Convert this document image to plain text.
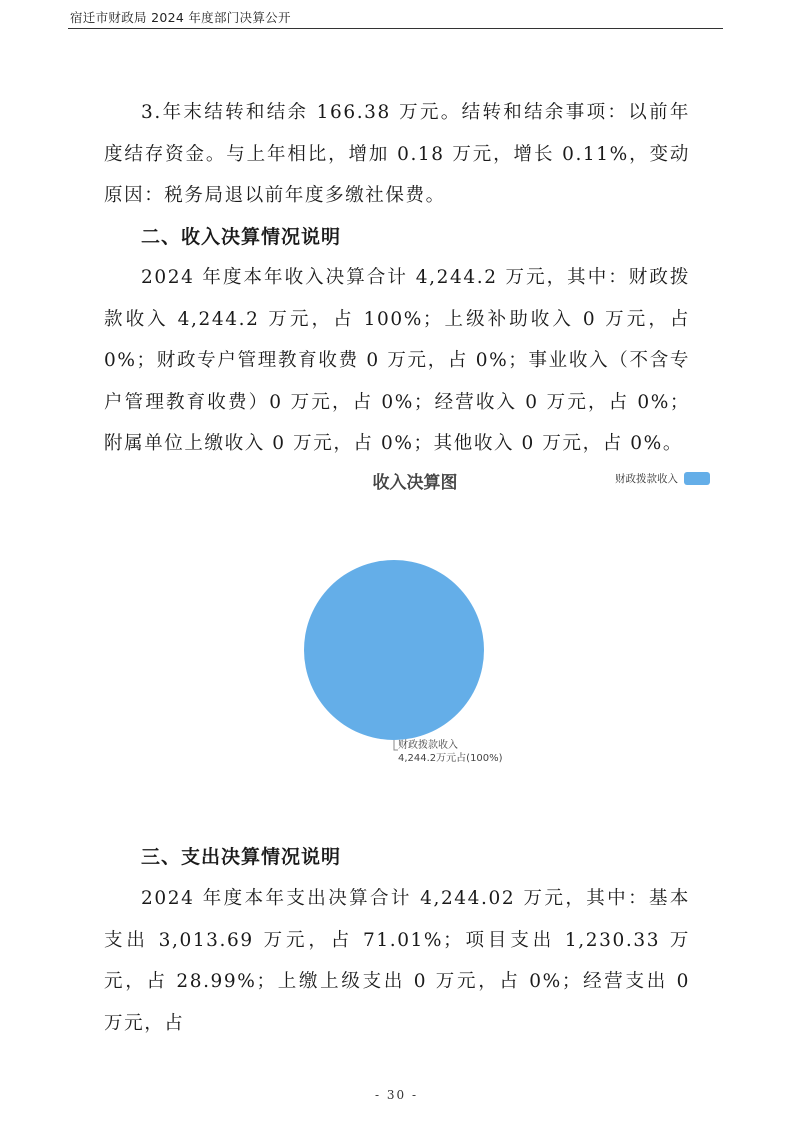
宿迁市财政局 2024 年度部门决算公开

3.年末结转和结余 166.38 万元。结转和结余事项：以前年度结存资金。与上年相比，增加 0.18 万元，增长 0.11%，变动原因：税务局退以前年度多缴社保费。

二、收入决算情况说明

2024 年度本年收入决算合计 4,244.2 万元，其中：财政拨款收入 4,244.2 万元，占 100%；上级补助收入 0 万元，占 0%；财政专户管理教育收费 0 万元，占 0%；事业收入（不含专户管理教育收费）0 万元，占 0%；经营收入 0 万元，占 0%；附属单位上缴收入 0 万元，占 0%；其他收入 0 万元，占 0%。

收入决算图	财政拨款收入
财政拨款收入
4,244.2万元占(100%)
三、支出决算情况说明

2024 年度本年支出决算合计 4,244.02 万元，其中：基本支出 3,013.69 万元，占 71.01%；项目支出 1,230.33 万元，占 28.99%；上缴上级支出 0 万元，占 0%；经营支出 0 万元，占

- 30 -
